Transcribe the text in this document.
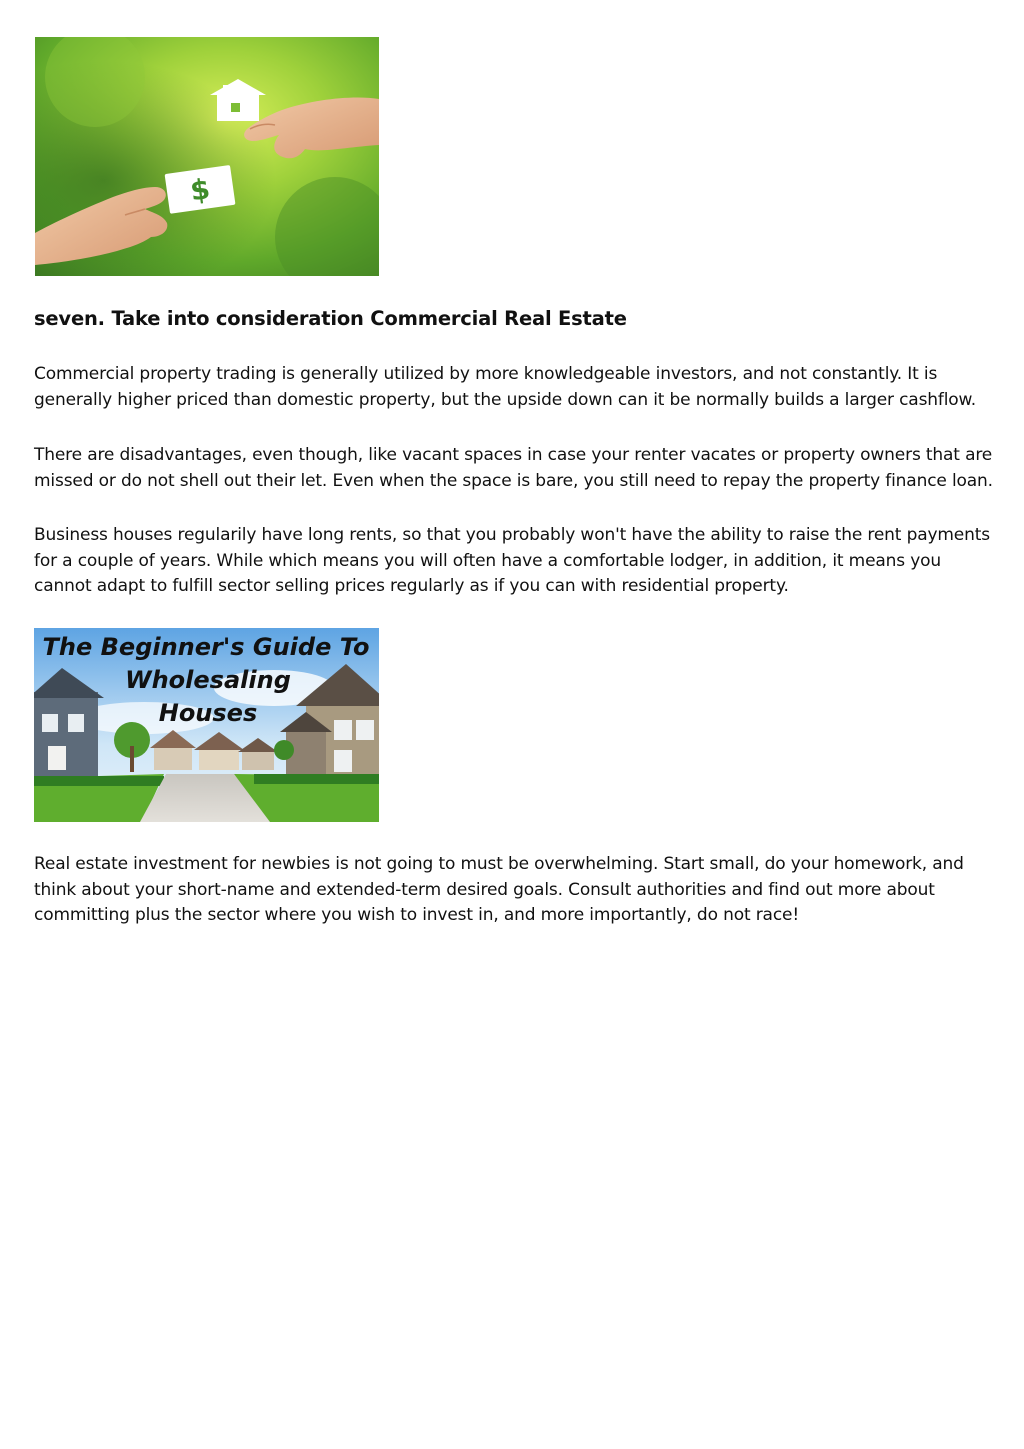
$
seven. Take into consideration Commercial Real Estate

Commercial property trading is generally utilized by more knowledgeable investors, and not constantly. It is generally higher priced than domestic property, but the upside down can it be normally builds a larger cashflow.

There are disadvantages, even though, like vacant spaces in case your renter vacates or property owners that are missed or do not shell out their let. Even when the space is bare, you still need to repay the property finance loan.

Business houses regularily have long rents, so that you probably won't have the ability to raise the rent payments for a couple of years. While which means you will often have a comfortable lodger, in addition, it means you cannot adapt to fulfill sector selling prices regularly as if you can with residential property.

The Beginner's Guide To
Wholesaling
Houses

Real estate investment for newbies is not going to must be overwhelming. Start small, do your homework, and think about your short-name and extended-term desired goals. Consult authorities and find out more about committing plus the sector where you wish to invest in, and more importantly, do not race!
